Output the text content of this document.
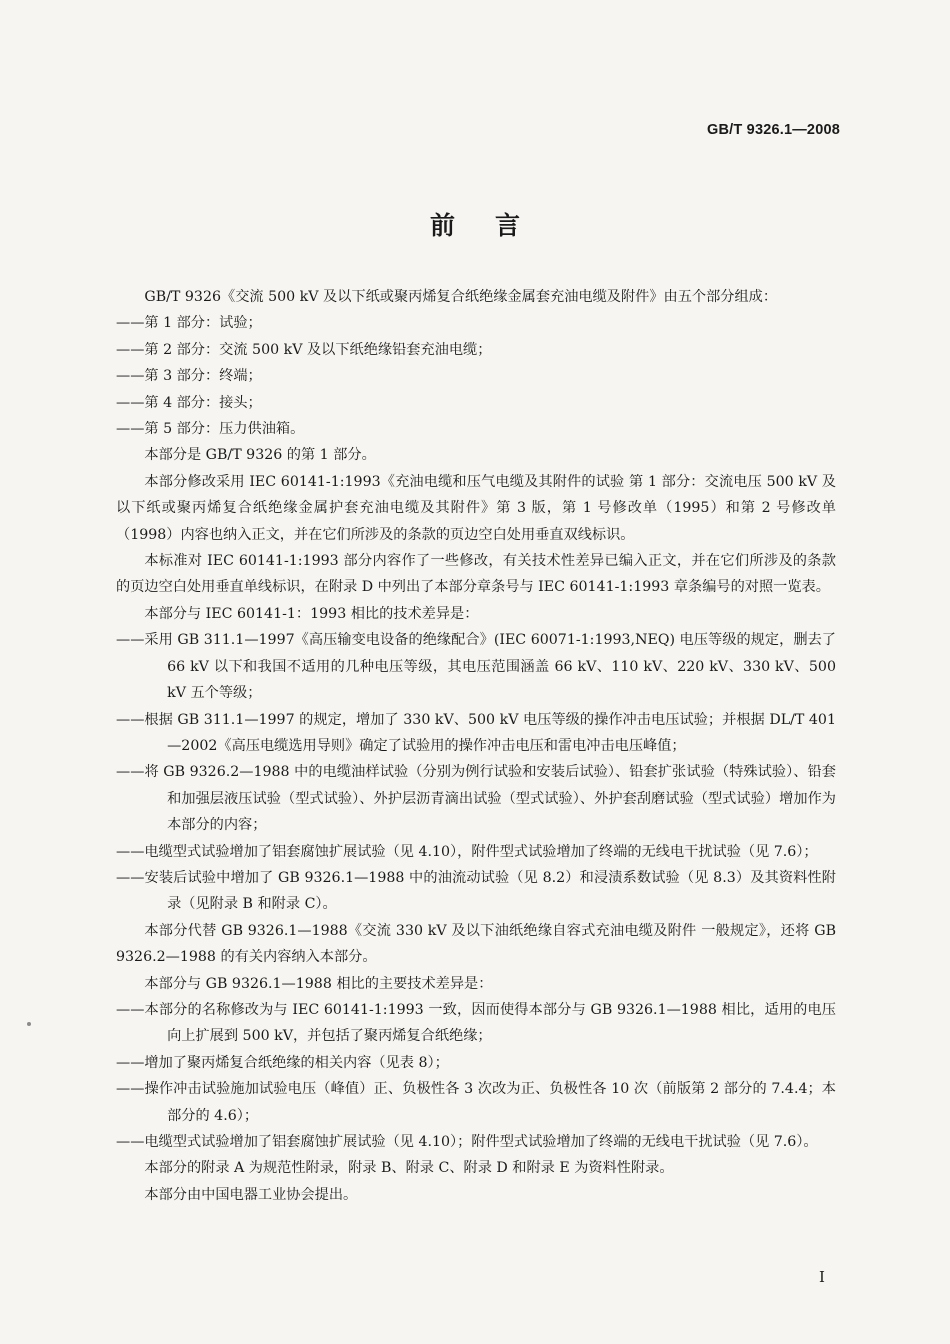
GB/T 9326.1—2008
前言
GB/T 9326《交流 500 kV 及以下纸或聚丙烯复合纸绝缘金属套充油电缆及附件》由五个部分组成：
——第 1 部分：试验；
——第 2 部分：交流 500 kV 及以下纸绝缘铅套充油电缆；
——第 3 部分：终端；
——第 4 部分：接头；
——第 5 部分：压力供油箱。
本部分是 GB/T 9326 的第 1 部分。
本部分修改采用 IEC 60141-1:1993《充油电缆和压气电缆及其附件的试验 第 1 部分：交流电压 500 kV 及以下纸或聚丙烯复合纸绝缘金属护套充油电缆及其附件》第 3 版，第 1 号修改单（1995）和第 2 号修改单（1998）内容也纳入正文，并在它们所涉及的条款的页边空白处用垂直双线标识。
本标准对 IEC 60141-1:1993 部分内容作了一些修改，有关技术性差异已编入正文，并在它们所涉及的条款的页边空白处用垂直单线标识，在附录 D 中列出了本部分章条号与 IEC 60141-1:1993 章条编号的对照一览表。
本部分与 IEC 60141-1：1993 相比的技术差异是：
——采用 GB 311.1—1997《高压输变电设备的绝缘配合》(IEC 60071-1:1993,NEQ) 电压等级的规定，删去了 66 kV 以下和我国不适用的几种电压等级，其电压范围涵盖 66 kV、110 kV、220 kV、330 kV、500 kV 五个等级；
——根据 GB 311.1—1997 的规定，增加了 330 kV、500 kV 电压等级的操作冲击电压试验；并根据 DL/T 401—2002《高压电缆选用导则》确定了试验用的操作冲击电压和雷电冲击电压峰值；
——将 GB 9326.2—1988 中的电缆油样试验（分别为例行试验和安装后试验）、铅套扩张试验（特殊试验）、铅套和加强层液压试验（型式试验）、外护层沥青滴出试验（型式试验）、外护套刮磨试验（型式试验）增加作为本部分的内容；
——电缆型式试验增加了铝套腐蚀扩展试验（见 4.10），附件型式试验增加了终端的无线电干扰试验（见 7.6）；
——安装后试验中增加了 GB 9326.1—1988 中的油流动试验（见 8.2）和浸渍系数试验（见 8.3）及其资料性附录（见附录 B 和附录 C）。
本部分代替 GB 9326.1—1988《交流 330 kV 及以下油纸绝缘自容式充油电缆及附件 一般规定》，还将 GB 9326.2—1988 的有关内容纳入本部分。
本部分与 GB 9326.1—1988 相比的主要技术差异是：
——本部分的名称修改为与 IEC 60141-1:1993 一致，因而使得本部分与 GB 9326.1—1988 相比，适用的电压向上扩展到 500 kV，并包括了聚丙烯复合纸绝缘；
——增加了聚丙烯复合纸绝缘的相关内容（见表 8）；
——操作冲击试验施加试验电压（峰值）正、负极性各 3 次改为正、负极性各 10 次（前版第 2 部分的 7.4.4；本部分的 4.6）；
——电缆型式试验增加了铝套腐蚀扩展试验（见 4.10）；附件型式试验增加了终端的无线电干扰试验（见 7.6）。
本部分的附录 A 为规范性附录，附录 B、附录 C、附录 D 和附录 E 为资料性附录。
本部分由中国电器工业协会提出。
I
